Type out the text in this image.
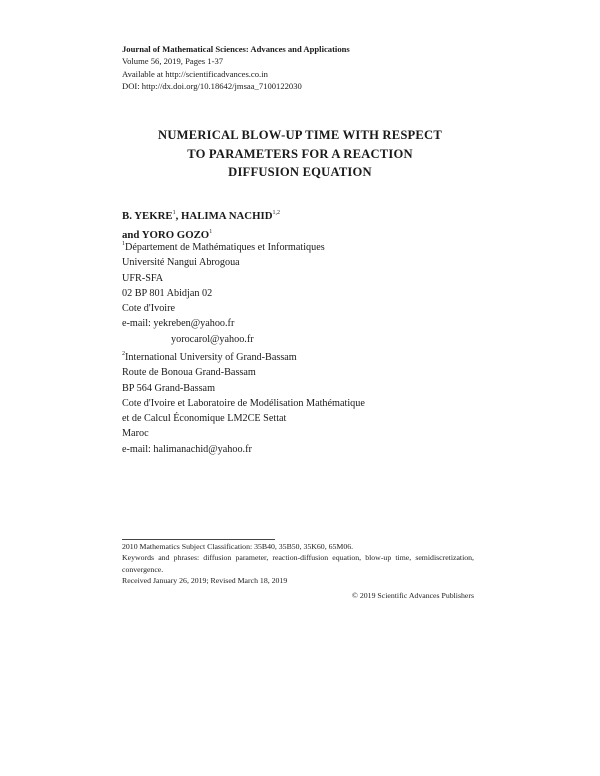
Journal of Mathematical Sciences: Advances and Applications
Volume 56, 2019, Pages 1-37
Available at http://scientificadvances.co.in
DOI: http://dx.doi.org/10.18642/jmsaa_7100122030
NUMERICAL BLOW-UP TIME WITH RESPECT
TO PARAMETERS FOR A REACTION
DIFFUSION EQUATION
B. YEKRE$^1$, HALIMA NACHID$^{1,2}$
and YORO GOZO$^1$
$^1$Département de Mathématiques et Informatiques
Université Nangui Abrogoua
UFR-SFA
02 BP 801 Abidjan 02
Cote d'Ivoire
e-mail: yekreben@yahoo.fr
yorocarol@yahoo.fr
$^2$International University of Grand-Bassam
Route de Bonoua Grand-Bassam
BP 564 Grand-Bassam
Cote d'Ivoire et Laboratoire de Modélisation Mathématique
et de Calcul Économique LM2CE Settat
Maroc
e-mail: halimanachid@yahoo.fr
2010 Mathematics Subject Classification: 35B40, 35B50, 35K60, 65M06.
Keywords and phrases: diffusion parameter, reaction-diffusion equation, blow-up time, semidiscretization, convergence.
Received January 26, 2019; Revised March 18, 2019
© 2019 Scientific Advances Publishers
